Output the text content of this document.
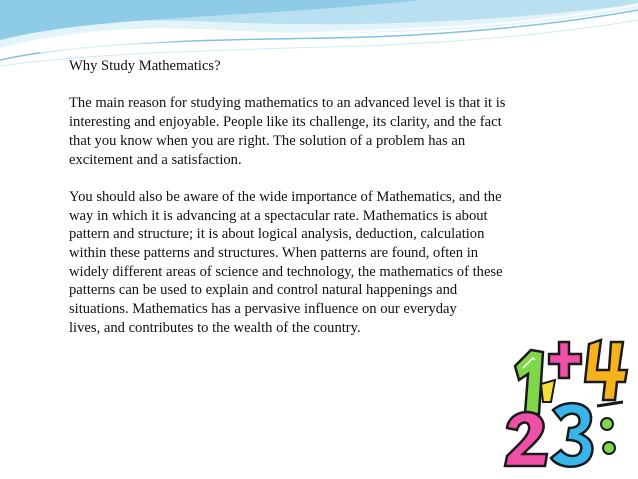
Why Study Mathematics?

The main reason for studying mathematics to an advanced level is that it is
interesting and enjoyable. People like its challenge, its clarity, and the fact
that you know when you are right. The solution of a problem has an
excitement and a satisfaction.

You should also be aware of the wide importance of Mathematics, and the
way in which it is advancing at a spectacular rate. Mathematics is about
pattern and structure; it is about logical analysis, deduction, calculation
within these patterns and structures. When patterns are found, often in
widely different areas of science and technology, the mathematics of these
patterns can be used to explain and control natural happenings and
situations. Mathematics has a pervasive influence on our everyday
lives, and contributes to the wealth of the country.
